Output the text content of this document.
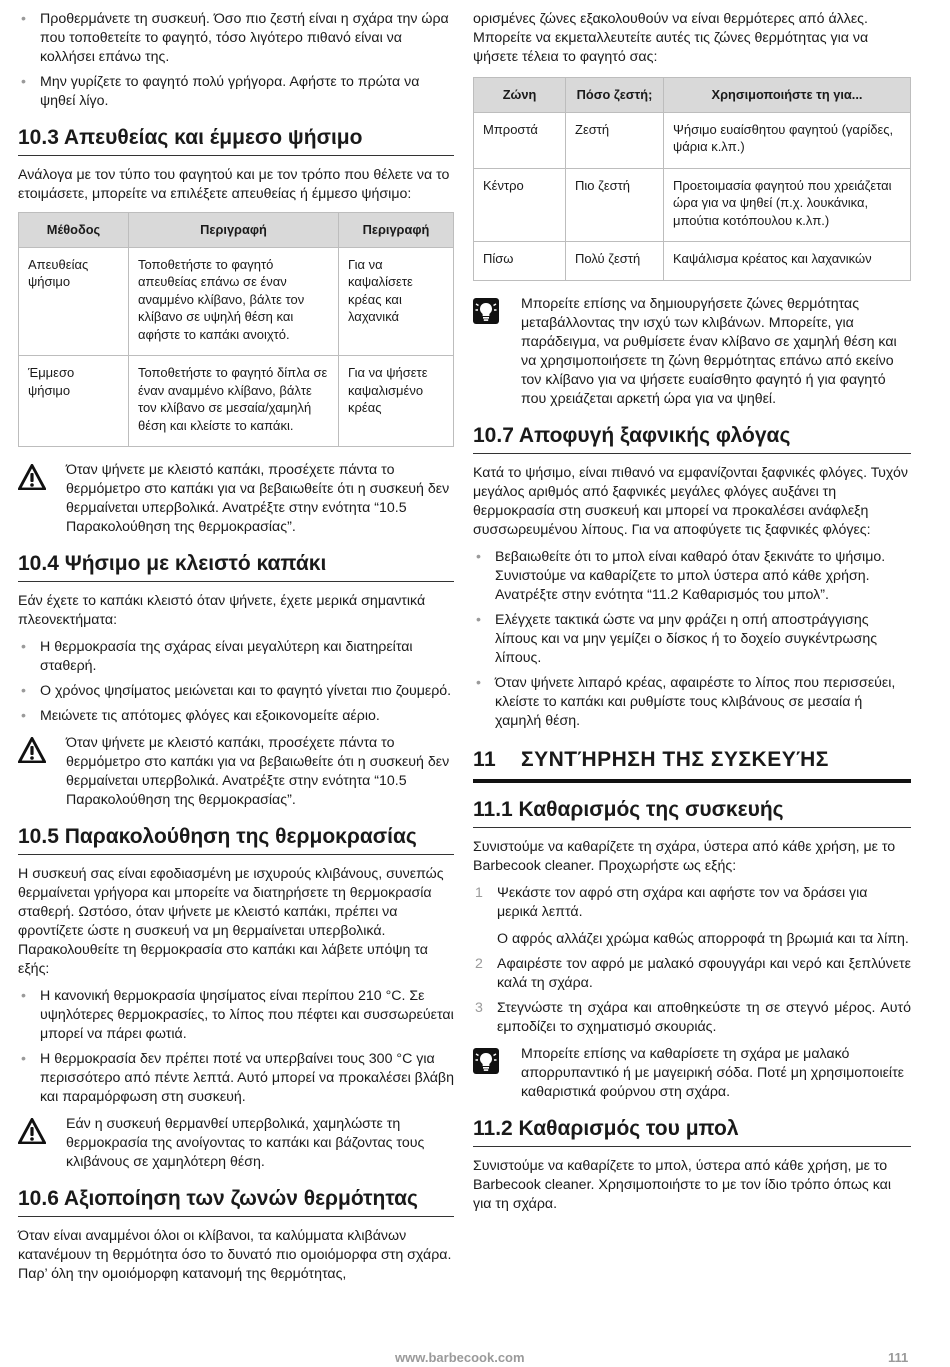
• Προθερμάνετε τη συσκευή. Όσο πιο ζεστή είναι η σχάρα την ώρα που τοποθετείτε το φαγητό, τόσο λιγότερο πιθανό είναι να κολλήσει επάνω της.
• Μην γυρίζετε το φαγητό πολύ γρήγορα. Αφήστε το πρώτα να ψηθεί λίγο.
10.3 Απευθείας και έμμεσο ψήσιμο

Ανάλογα με τον τύπο του φαγητού και με τον τρόπο που θέλετε να το ετοιμάσετε, μπορείτε να επιλέξετε απευθείας ή έμμεσο ψήσιμο:

Μέθοδος	Περιγραφή	Περιγραφή
Απευθείας ψήσιμο	Τοποθετήστε το φαγητό απευθείας επάνω σε έναν αναμμένο κλίβανο, βάλτε τον κλίβανο σε υψηλή θέση και αφήστε το καπάκι ανοιχτό.	Για να καψαλίσετε κρέας και λαχανικά
Έμμεσο ψήσιμο	Τοποθετήστε το φαγητό δίπλα σε έναν αναμμένο κλίβανο, βάλτε τον κλίβανο σε μεσαία/χαμηλή θέση και κλείστε το καπάκι.	Για να ψήσετε καψαλισμένο κρέας
Όταν ψήνετε με κλειστό καπάκι, προσέχετε πάντα το θερμόμετρο στο καπάκι για να βεβαιωθείτε ότι η συσκευή δεν θερμαίνεται υπερβολικά. Ανατρέξτε στην ενότητα “10.5 Παρακολούθηση της θερμοκρασίας”.
10.4 Ψήσιμο με κλειστό καπάκι

Εάν έχετε το καπάκι κλειστό όταν ψήνετε, έχετε μερικά σημαντικά πλεονεκτήματα:

• Η θερμοκρασία της σχάρας είναι μεγαλύτερη και διατηρείται σταθερή.
• Ο χρόνος ψησίματος μειώνεται και το φαγητό γίνεται πιο ζουμερό.
• Μειώνετε τις απότομες φλόγες και εξοικονομείτε αέριο.
Όταν ψήνετε με κλειστό καπάκι, προσέχετε πάντα το θερμόμετρο στο καπάκι για να βεβαιωθείτε ότι η συσκευή δεν θερμαίνεται υπερβολικά. Ανατρέξτε στην ενότητα “10.5 Παρακολούθηση της θερμοκρασίας”.
10.5 Παρακολούθηση της θερμοκρασίας

Η συσκευή σας είναι εφοδιασμένη με ισχυρούς κλιβάνους, συνεπώς θερμαίνεται γρήγορα και μπορείτε να διατηρήσετε τη θερμοκρασία σταθερή. Ωστόσο, όταν ψήνετε με κλειστό καπάκι, πρέπει να φροντίζετε ώστε η συσκευή να μη θερμαίνεται υπερβολικά. Παρακολουθείτε τη θερμοκρασία στο καπάκι και λάβετε υπόψη τα εξής:

• Η κανονική θερμοκρασία ψησίματος είναι περίπου 210 °C. Σε υψηλότερες θερμοκρασίες, το λίπος που πέφτει και συσσωρεύεται μπορεί να πάρει φωτιά.
• Η θερμοκρασία δεν πρέπει ποτέ να υπερβαίνει τους 300 °C για περισσότερο από πέντε λεπτά. Αυτό μπορεί να προκαλέσει βλάβη και παραμόρφωση στη συσκευή.
Εάν η συσκευή θερμανθεί υπερβολικά, χαμηλώστε τη θερμοκρασία της ανοίγοντας το καπάκι και βάζοντας τους κλιβάνους σε χαμηλότερη θέση.
10.6 Αξιοποίηση των ζωνών θερμότητας

Όταν είναι αναμμένοι όλοι οι κλίβανοι, τα καλύμματα κλιβάνων κατανέμουν τη θερμότητα όσο το δυνατό πιο ομοιόμορφα στη σχάρα. Παρ’ όλη την ομοιόμορφη κατανομή της θερμότητας,

ορισμένες ζώνες εξακολουθούν να είναι θερμότερες από άλλες. Μπορείτε να εκμεταλλευτείτε αυτές τις ζώνες θερμότητας για να ψήσετε τέλεια το φαγητό σας:

Ζώνη	Πόσο ζεστή;	Χρησιμοποιήστε τη για...
Μπροστά	Ζεστή	Ψήσιμο ευαίσθητου φαγητού (γαρίδες, ψάρια κ.λπ.)
Κέντρο	Πιο ζεστή	Προετοιμασία φαγητού που χρειάζεται ώρα για να ψηθεί (π.χ. λουκάνικα, μπούτια κοτόπουλου κ.λπ.)
Πίσω	Πολύ ζεστή	Καψάλισμα κρέατος και λαχανικών
Μπορείτε επίσης να δημιουργήσετε ζώνες θερμότητας μεταβάλλοντας την ισχύ των κλιβάνων. Μπορείτε, για παράδειγμα, να ρυθμίσετε έναν κλίβανο σε χαμηλή θέση και να χρησιμοποιήσετε τη ζώνη θερμότητας επάνω από εκείνο τον κλίβανο για να ψήσετε ευαίσθητο φαγητό ή για φαγητό που χρειάζεται αρκετή ώρα για να ψηθεί.
10.7 Αποφυγή ξαφνικής φλόγας

Κατά το ψήσιμο, είναι πιθανό να εμφανίζονται ξαφνικές φλόγες. Τυχόν μεγάλος αριθμός από ξαφνικές μεγάλες φλόγες αυξάνει τη θερμοκρασία στη συσκευή και μπορεί να προκαλέσει ανάφλεξη συσσωρευμένου λίπους. Για να αποφύγετε τις ξαφνικές φλόγες:

• Βεβαιωθείτε ότι το μπολ είναι καθαρό όταν ξεκινάτε το ψήσιμο. Συνιστούμε να καθαρίζετε το μπολ ύστερα από κάθε χρήση. Ανατρέξτε στην ενότητα “11.2 Καθαρισμός του μπολ”.
• Ελέγχετε τακτικά ώστε να μην φράζει η οπή αποστράγγισης λίπους και να μην γεμίζει ο δίσκος ή το δοχείο συγκέντρωσης λίπους.
• Όταν ψήνετε λιπαρό κρέας, αφαιρέστε το λίπος που περισσεύει, κλείστε το καπάκι και ρυθμίστε τους κλιβάνους σε μεσαία ή χαμηλή θέση.
11 ΣΥΝΤΉΡΗΣΗ ΤΗΣ ΣΥΣΚΕΥΉΣ
11.1 Καθαρισμός της συσκευής

Συνιστούμε να καθαρίζετε τη σχάρα, ύστερα από κάθε χρήση, με το Barbecook cleaner. Προχωρήστε ως εξής:

1 Ψεκάστε τον αφρό στη σχάρα και αφήστε τον να δράσει για μερικά λεπτά.

Ο αφρός αλλάζει χρώμα καθώς απορροφά τη βρωμιά και τα λίπη.

2 Αφαιρέστε τον αφρό με μαλακό σφουγγάρι και νερό και ξεπλύνετε καλά τη σχάρα.

3 Στεγνώστε τη σχάρα και αποθηκεύστε τη σε στεγνό μέρος. Αυτό εμποδίζει το σχηματισμό σκουριάς.

Μπορείτε επίσης να καθαρίσετε τη σχάρα με μαλακό απορρυπαντικό ή με μαγειρική σόδα. Ποτέ μη χρησιμοποιείτε καθαριστικά φούρνου στη σχάρα.
11.2 Καθαρισμός του μπολ

Συνιστούμε να καθαρίζετε το μπολ, ύστερα από κάθε χρήση, με το Barbecook cleaner. Χρησιμοποιήστε το με τον ίδιο τρόπο όπως και για τη σχάρα.

www.barbecook.com	111
